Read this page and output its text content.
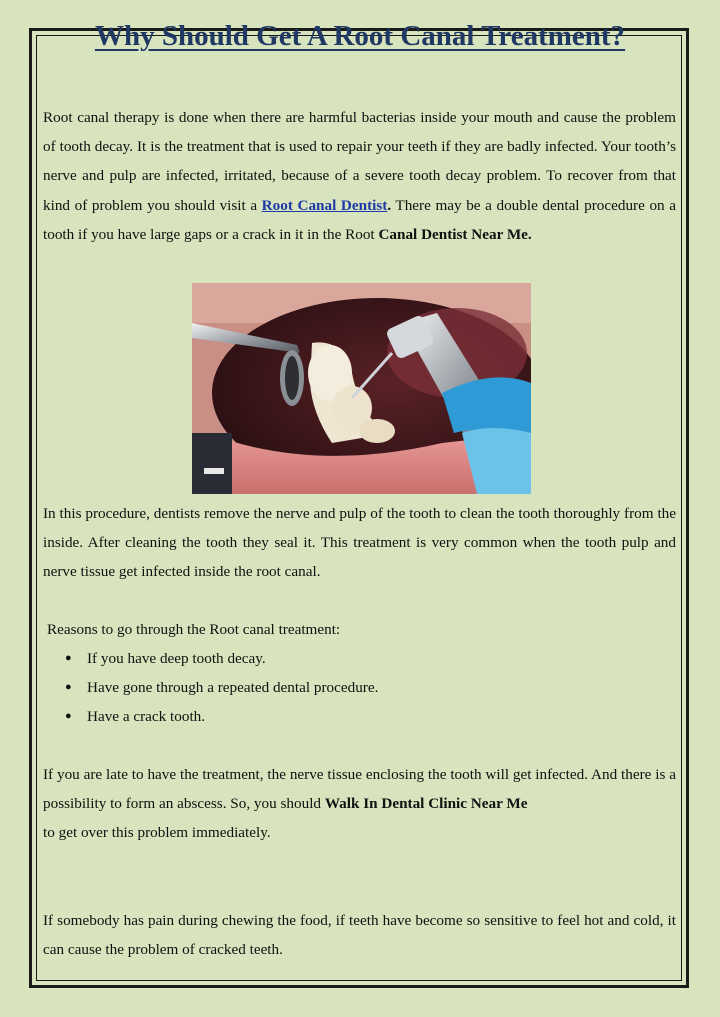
Why Should Get A Root Canal Treatment?
Root canal therapy is done when there are harmful bacterias inside your mouth and cause the problem of tooth decay. It is the treatment that is used to repair your teeth if they are badly infected. Your tooth’s nerve and pulp are infected, irritated, because of a severe tooth decay problem. To recover from that kind of problem you should visit a Root Canal Dentist. There may be a double dental procedure on a tooth if you have large gaps or a crack in it in the Root Canal Dentist Near Me.
In this procedure, dentists remove the nerve and pulp of the tooth to clean the tooth thoroughly from the inside. After cleaning the tooth they seal it. This treatment is very common when the tooth pulp and nerve tissue get infected inside the root canal.
Reasons to go through the Root canal treatment:
● If you have deep tooth decay.
● Have gone through a repeated dental procedure.
● Have a crack tooth.
If you are late to have the treatment, the nerve tissue enclosing the tooth will get infected. And there is a possibility to form an abscess. So, you should Walk In Dental Clinic Near Me
to get over this problem immediately.
If somebody has pain during chewing the food, if teeth have become so sensitive to feel hot and cold, it can cause the problem of cracked teeth.
